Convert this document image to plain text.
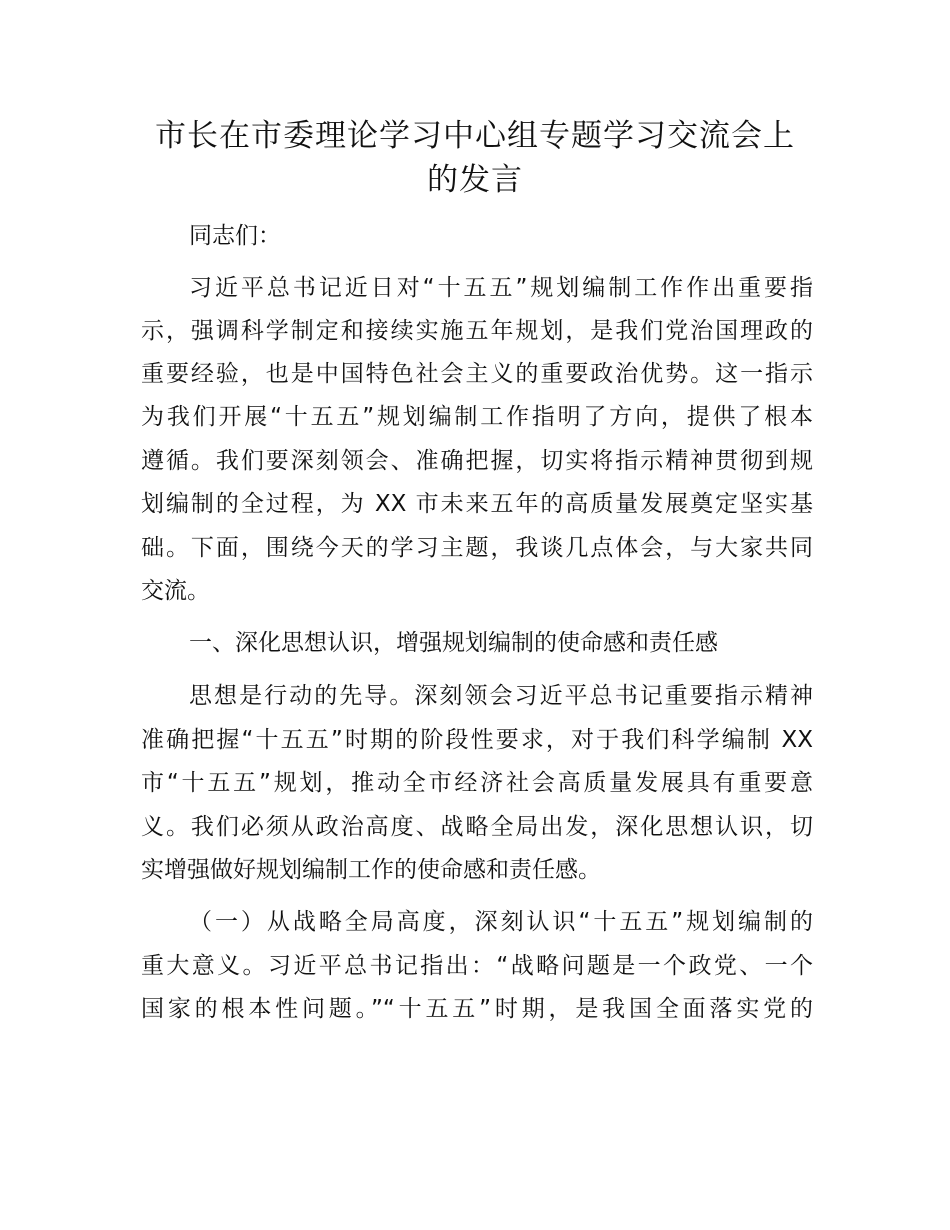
市长在市委理论学习中心组专题学习交流会上
的发言
同志们：
习近平总书记近日对“十五五”规划编制工作作出重要指
示，强调科学制定和接续实施五年规划，是我们党治国理政的
重要经验，也是中国特色社会主义的重要政治优势。这一指示
为我们开展“十五五”规划编制工作指明了方向，提供了根本
遵循。我们要深刻领会、准确把握，切实将指示精神贯彻到规
划编制的全过程，为 XX 市未来五年的高质量发展奠定坚实基
础。下面，围绕今天的学习主题，我谈几点体会，与大家共同
交流。
一、深化思想认识，增强规划编制的使命感和责任感
思想是行动的先导。深刻领会习近平总书记重要指示精神
准确把握“十五五”时期的阶段性要求，对于我们科学编制 XX
市“十五五”规划，推动全市经济社会高质量发展具有重要意
义。我们必须从政治高度、战略全局出发，深化思想认识，切
实增强做好规划编制工作的使命感和责任感。
（一）从战略全局高度，深刻认识“十五五”规划编制的
重大意义。习近平总书记指出：“战略问题是一个政党、一个
国家的根本性问题。”“十五五”时期，是我国全面落实党的
